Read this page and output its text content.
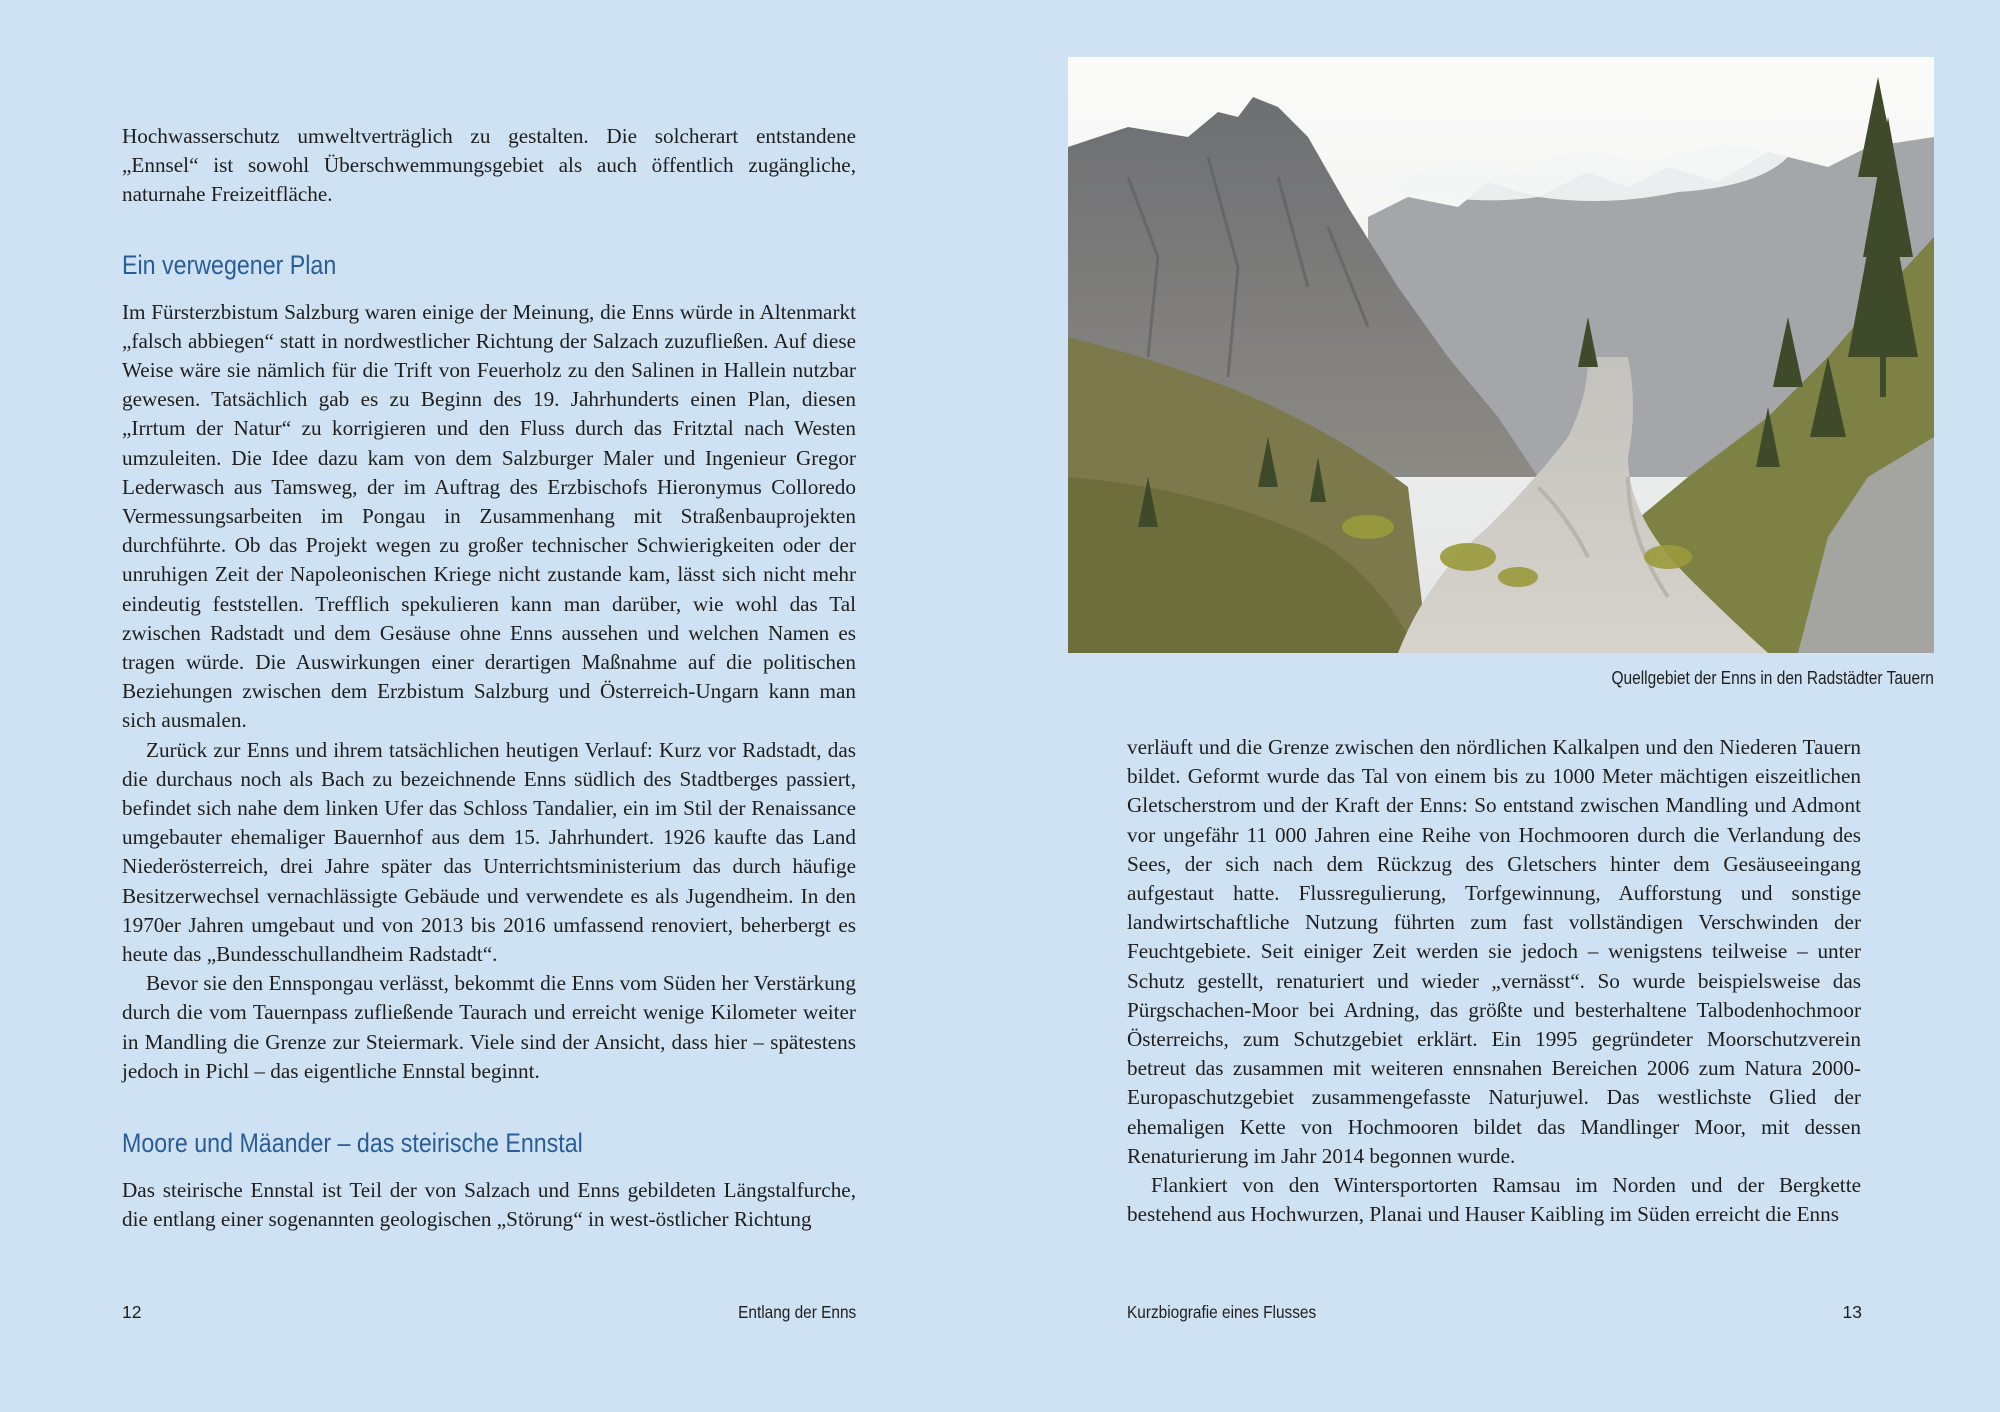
Hochwasserschutz umweltverträglich zu gestalten. Die solcherart entstandene „Ennsel“ ist sowohl Überschwemmungsgebiet als auch öffentlich zugängliche, naturnahe Freizeitfläche.

Ein verwegener Plan

Im Fürsterzbistum Salzburg waren einige der Meinung, die Enns würde in Altenmarkt „falsch abbiegen“ statt in nordwestlicher Richtung der Salzach zuzufließen. Auf diese Weise wäre sie nämlich für die Trift von Feuerholz zu den Salinen in Hallein nutzbar gewesen. Tatsächlich gab es zu Beginn des 19. Jahrhunderts einen Plan, diesen „Irrtum der Natur“ zu korrigieren und den Fluss durch das Fritztal nach Westen umzuleiten. Die Idee dazu kam von dem Salzburger Maler und Ingenieur Gregor Lederwasch aus Tamsweg, der im Auftrag des Erzbischofs Hieronymus Colloredo Vermessungsarbeiten im Pongau in Zusammenhang mit Straßenbauprojekten durchführte. Ob das Projekt wegen zu großer technischer Schwierigkeiten oder der unruhigen Zeit der Napoleonischen Kriege nicht zustande kam, lässt sich nicht mehr eindeutig feststellen. Trefflich spekulieren kann man darüber, wie wohl das Tal zwischen Radstadt und dem Gesäuse ohne Enns aussehen und welchen Namen es tragen würde. Die Auswirkungen einer derartigen Maßnahme auf die politischen Beziehungen zwischen dem Erzbistum Salzburg und Österreich-Ungarn kann man sich ausmalen.

Zurück zur Enns und ihrem tatsächlichen heutigen Verlauf: Kurz vor Radstadt, das die durchaus noch als Bach zu bezeichnende Enns südlich des Stadtberges passiert, befindet sich nahe dem linken Ufer das Schloss Tandalier, ein im Stil der Renaissance umgebauter ehemaliger Bauernhof aus dem 15. Jahrhundert. 1926 kaufte das Land Niederösterreich, drei Jahre später das Unterrichtsministerium das durch häufige Besitzerwechsel vernachlässigte Gebäude und verwendete es als Jugendheim. In den 1970er Jahren umgebaut und von 2013 bis 2016 umfassend renoviert, beherbergt es heute das „Bundesschullandheim Radstadt“.

Bevor sie den Ennspongau verlässt, bekommt die Enns vom Süden her Verstärkung durch die vom Tauernpass zufließende Taurach und erreicht wenige Kilometer weiter in Mandling die Grenze zur Steiermark. Viele sind der Ansicht, dass hier – spätestens jedoch in Pichl – das eigentliche Ennstal beginnt.

Moore und Mäander – das steirische Ennstal

Das steirische Ennstal ist Teil der von Salzach und Enns gebildeten Längstalfurche, die entlang einer sogenannten geologischen „Störung“ in west-östlicher Richtung

12	Entlang der Enns
Quellgebiet der Enns in den Radstädter Tauern

verläuft und die Grenze zwischen den nördlichen Kalkalpen und den Niederen Tauern bildet. Geformt wurde das Tal von einem bis zu 1000 Meter mächtigen eiszeitlichen Gletscherstrom und der Kraft der Enns: So entstand zwischen Mandling und Admont vor ungefähr 11 000 Jahren eine Reihe von Hochmooren durch die Verlandung des Sees, der sich nach dem Rückzug des Gletschers hinter dem Gesäuseeingang aufgestaut hatte. Flussregulierung, Torfgewinnung, Aufforstung und sonstige landwirtschaftliche Nutzung führten zum fast vollständigen Verschwinden der Feuchtgebiete. Seit einiger Zeit werden sie jedoch – wenigstens teilweise – unter Schutz gestellt, renaturiert und wieder „vernässt“. So wurde beispielsweise das Pürgschachen-Moor bei Ardning, das größte und besterhaltene Talbodenhochmoor Österreichs, zum Schutzgebiet erklärt. Ein 1995 gegründeter Moorschutzverein betreut das zusammen mit weiteren ennsnahen Bereichen 2006 zum Natura 2000-Europaschutzgebiet zusammengefasste Naturjuwel. Das westlichste Glied der ehemaligen Kette von Hochmooren bildet das Mandlinger Moor, mit dessen Renaturierung im Jahr 2014 begonnen wurde.

Flankiert von den Wintersportorten Ramsau im Norden und der Bergkette bestehend aus Hochwurzen, Planai und Hauser Kaibling im Süden erreicht die Enns

Kurzbiografie eines Flusses	13
